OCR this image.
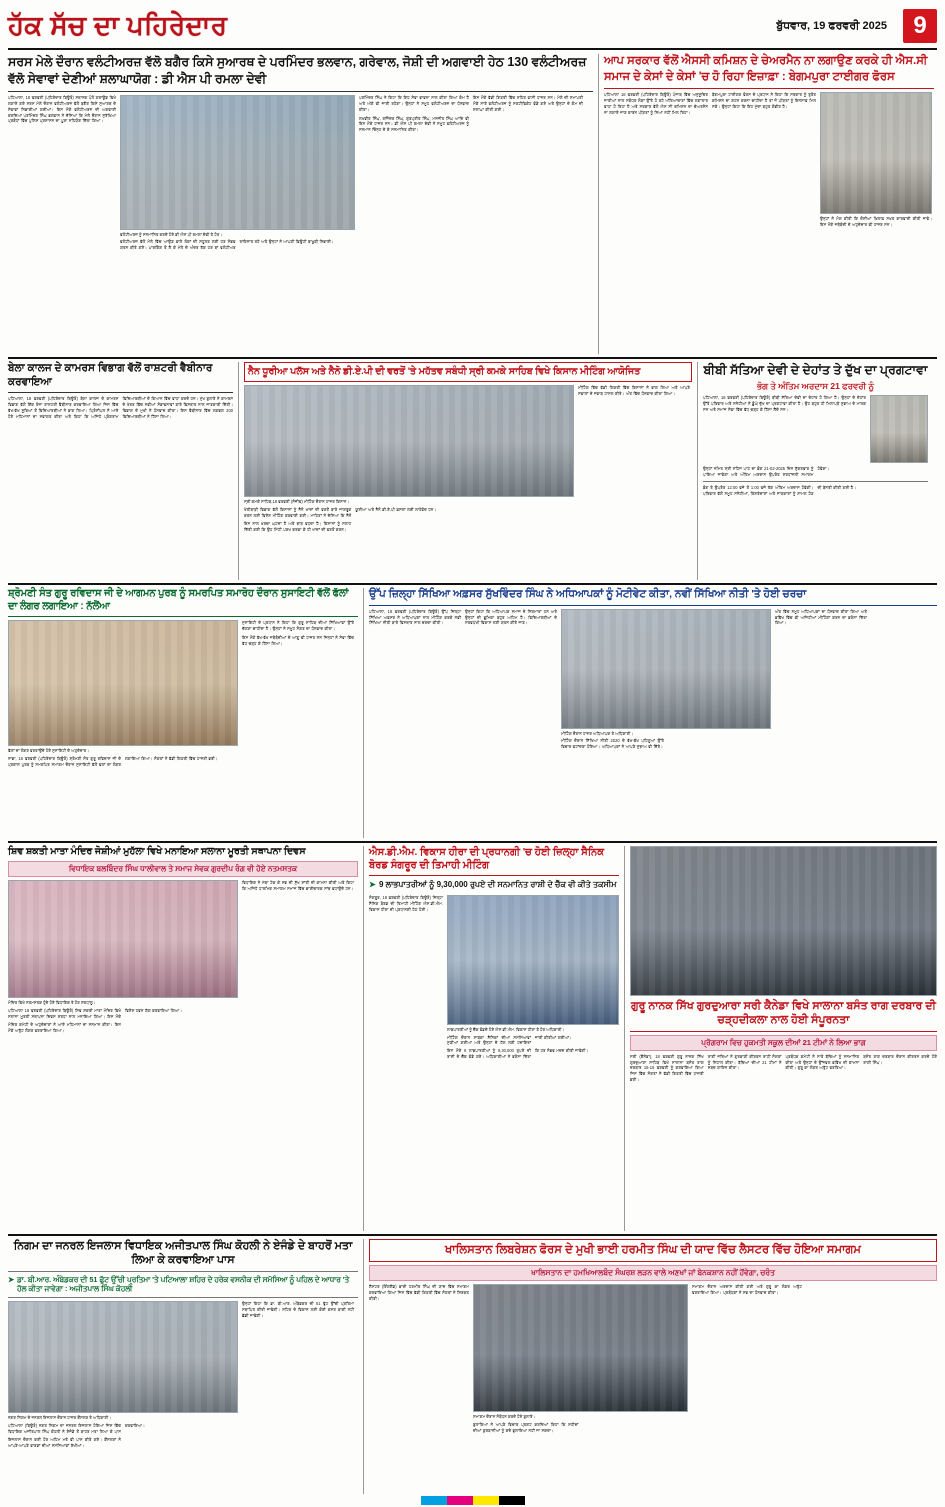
ਹੱਕ ਸੱਚ ਦਾ ਪਹਿਰੇਦਾਰ	ਬੁੱਧਵਾਰ, 19 ਫਰਵਰੀ 2025	9
ਸਰਸ ਮੇਲੇ ਦੌਰਾਨ ਵਲੰਟੀਅਰਜ਼ ਵੱਲੋ ਬਗੈਰ ਕਿਸੇ ਸੁਆਰਥ ਦੇ ਪਰਮਿੰਦਰ ਭਲਵਾਨ, ਗਰੇਵਾਲ, ਜੋਸ਼ੀ ਦੀ ਅਗਵਾਈ ਹੇਠ 130 ਵਲੰਟੀਅਰਜ਼ ਵੱਲੋ ਸੇਵਾਵਾਂ ਦੇਣੀਆਂ ਸ਼ਲਾਘਾਯੋਗ : ਡੀ ਐਸ ਪੀ ਰਮਲਾ ਦੇਵੀ
ਪਟਿਆਲਾ, 18 ਫਰਵਰੀ (ਪਹਿਰੇਦਾਰ ਬਿਊਰੋ) ਸਥਾਨਕ ਪੋਲੋ ਗਰਾਊਂਡ ਵਿਖੇ ਲਗਾਏ ਗਏ ਸਰਸ ਮੇਲੇ ਦੌਰਾਨ ਵਲੰਟੀਅਰਜ਼ ਵੱਲੋਂ ਬਗੈਰ ਕਿਸੇ ਸੁਆਰਥ ਦੇ ਸੇਵਾਵਾਂ ਨਿਭਾਈਆਂ ਗਈਆਂ। ਇਸ ਮੌਕੇ ਵਲੰਟੀਅਰਜ਼ ਦੀ ਅਗਵਾਈ ਕਰਦਿਆਂ ਪਰਮਿੰਦਰ ਸਿੰਘ ਭਲਵਾਨ ਨੇ ਦੱਸਿਆ ਕਿ ਮੇਲੇ ਦੌਰਾਨ ਸੁਰੱਖਿਆ ਪ੍ਰਬੰਧਾਂ ਵਿੱਚ ਪੁਲਿਸ ਪ੍ਰਸ਼ਾਸਨ ਦਾ ਪੂਰਾ ਸਹਿਯੋਗ ਦਿੱਤਾ ਗਿਆ।
ਵਲੰਟੀਅਰਜ਼ ਨੂੰ ਸਨਮਾਨਿਤ ਕਰਦੇ ਹੋਏ ਡੀ ਐਸ ਪੀ ਰਮਲਾ ਦੇਵੀ ਤੇ ਹੋਰ।
ਵਲੰਟੀਅਰਜ਼ ਵੱਲੋਂ ਮੇਲੇ ਵਿੱਚ ਆਉਣ ਵਾਲੇ ਲੋਕਾਂ ਦੀ ਸਹੂਲਤ ਲਈ ਹਰ ਸੰਭਵ ਯਤਨ ਕੀਤੇ ਗਏ। ਪਾਰਕਿੰਗ ਤੋਂ ਲੈ ਕੇ ਮੇਲੇ ਦੇ ਅੰਦਰ ਤੱਕ ਹਰ ਥਾਂ ਵਲੰਟੀਅਰ ਤਾਇਨਾਤ ਰਹੇ ਅਤੇ ਉਨ੍ਹਾਂ ਨੇ ਆਪਣੀ ਡਿਊਟੀ ਬਾਖੂਬੀ ਨਿਭਾਈ।
ਪਰਮਿੰਦਰ ਸਿੰਘ ਨੇ ਕਿਹਾ ਕਿ ਇਹ ਸੇਵਾ ਭਾਵਨਾ ਨਾਲ ਕੀਤਾ ਗਿਆ ਕੰਮ ਹੈ ਅਤੇ ਅੱਗੇ ਵੀ ਜਾਰੀ ਰਹੇਗਾ। ਉਨ੍ਹਾਂ ਨੇ ਸਮੂਹ ਵਲੰਟੀਅਰਜ਼ ਦਾ ਧੰਨਵਾਦ ਕੀਤਾ।
ਲਖਵੀਰ ਸਿੰਘ, ਰਜਿੰਦਰ ਸਿੰਘ, ਗੁਰਪ੍ਰੀਤ ਸਿੰਘ, ਮਨਜੀਤ ਸਿੰਘ ਆਦਿ ਵੀ ਇਸ ਮੌਕੇ ਹਾਜ਼ਰ ਸਨ। ਡੀ ਐਸ ਪੀ ਰਮਲਾ ਦੇਵੀ ਨੇ ਸਮੂਹ ਵਲੰਟੀਅਰਜ਼ ਨੂੰ ਸਨਮਾਨ ਚਿੰਨ੍ਹ ਦੇ ਕੇ ਸਨਮਾਨਿਤ ਕੀਤਾ।
ਇਸ ਮੌਕੇ ਵੱਡੀ ਗਿਣਤੀ ਵਿੱਚ ਸ਼ਹਿਰ ਵਾਸੀ ਹਾਜ਼ਰ ਸਨ। ਮੇਲੇ ਦੀ ਸਮਾਪਤੀ ਮੌਕੇ ਸਾਰੇ ਵਲੰਟੀਅਰਜ਼ ਨੂੰ ਸਰਟੀਫਿਕੇਟ ਵੰਡੇ ਗਏ ਅਤੇ ਉਨ੍ਹਾਂ ਦੇ ਕੰਮ ਦੀ ਸ਼ਲਾਘਾ ਕੀਤੀ ਗਈ।
ਆਪ ਸਰਕਾਰ ਵੱਲੋਂ ਐਸਸੀ ਕਮਿਸ਼ਨ ਦੇ ਚੇਅਰਮੈਨ ਨਾ ਲਗਾਉਣ ਕਰਕੇ ਹੀ ਐਸ.ਸੀ ਸਮਾਜ ਦੇ ਕੇਸਾਂ ਦੇ ਕੇਸਾਂ 'ਚ ਹੋ ਰਿਹਾ ਇਜ਼ਾਫ਼ਾ : ਬੇਗਮਪੁਰਾ ਟਾਈਗਰ ਫੋਰਸ
ਪਟਿਆਲਾ 18 ਫਰਵਰੀ (ਪਹਿਰੇਦਾਰ ਬਿਊਰੋ) ਪੰਜਾਬ ਵਿੱਚ ਅਨੁਸੂਚਿਤ ਜਾਤੀਆਂ ਨਾਲ ਸਬੰਧਤ ਲੋਕਾਂ ਉੱਤੇ ਹੋ ਰਹੇ ਅੱਤਿਆਚਾਰਾਂ ਵਿੱਚ ਲਗਾਤਾਰ ਵਾਧਾ ਹੋ ਰਿਹਾ ਹੈ ਅਤੇ ਸਰਕਾਰ ਵੱਲੋਂ ਐਸ ਸੀ ਕਮਿਸ਼ਨ ਦਾ ਚੇਅਰਮੈਨ ਨਾ ਲਗਾਏ ਜਾਣ ਕਾਰਨ ਪੀੜਤਾਂ ਨੂੰ ਨਿਆਂ ਨਹੀਂ ਮਿਲ ਰਿਹਾ।
ਬੇਗਮਪੁਰਾ ਟਾਈਗਰ ਫੋਰਸ ਦੇ ਪ੍ਰਧਾਨ ਨੇ ਕਿਹਾ ਕਿ ਸਰਕਾਰ ਨੂੰ ਤੁਰੰਤ ਕਮਿਸ਼ਨ ਦਾ ਗਠਨ ਕਰਨਾ ਚਾਹੀਦਾ ਹੈ ਤਾਂ ਜੋ ਪੀੜਤਾਂ ਨੂੰ ਇਨਸਾਫ਼ ਮਿਲ ਸਕੇ। ਉਨ੍ਹਾਂ ਕਿਹਾ ਕਿ ਇਹ ਮੁੱਦਾ ਬਹੁਤ ਗੰਭੀਰ ਹੈ।
ਉਨ੍ਹਾਂ ਨੇ ਮੰਗ ਕੀਤੀ ਕਿ ਦੋਸ਼ੀਆਂ ਖ਼ਿਲਾਫ਼ ਸਖ਼ਤ ਕਾਰਵਾਈ ਕੀਤੀ ਜਾਵੇ। ਇਸ ਮੌਕੇ ਜਥੇਬੰਦੀ ਦੇ ਅਹੁਦੇਦਾਰ ਵੀ ਹਾਜ਼ਰ ਸਨ।
ਬੇਲਾ ਕਾਲਜ ਦੇ ਕਾਮਰਸ ਵਿਭਾਗ ਵੱਲੋਂ ਰਾਸ਼ਟਰੀ ਵੈਬੀਨਾਰ ਕਰਵਾਇਆ
ਪਟਿਆਲਾ, 18 ਫਰਵਰੀ (ਪਹਿਰੇਦਾਰ ਬਿਊਰੋ) ਬੇਲਾ ਕਾਲਜ ਦੇ ਕਾਮਰਸ ਵਿਭਾਗ ਵੱਲੋਂ ਇੱਕ ਰੋਜ਼ਾ ਰਾਸ਼ਟਰੀ ਵੈਬੀਨਾਰ ਕਰਵਾਇਆ ਗਿਆ ਜਿਸ ਵਿੱਚ ਵੱਖ-ਵੱਖ ਸੂਬਿਆਂ ਤੋਂ ਵਿਦਿਆਰਥੀਆਂ ਨੇ ਭਾਗ ਲਿਆ। ਪ੍ਰਿੰਸੀਪਲ ਨੇ ਆਏ ਹੋਏ ਮਹਿਮਾਨਾਂ ਦਾ ਸਵਾਗਤ ਕੀਤਾ ਅਤੇ ਕਿਹਾ ਕਿ ਅਜਿਹੇ ਪ੍ਰੋਗਰਾਮ ਵਿਦਿਆਰਥੀਆਂ ਦੇ ਗਿਆਨ ਵਿੱਚ ਵਾਧਾ ਕਰਦੇ ਹਨ। ਮੁੱਖ ਬੁਲਾਰੇ ਨੇ ਕਾਮਰਸ ਦੇ ਖੇਤਰ ਵਿੱਚ ਨਵੀਆਂ ਸੰਭਾਵਨਾਵਾਂ ਬਾਰੇ ਵਿਸਥਾਰ ਨਾਲ ਜਾਣਕਾਰੀ ਦਿੱਤੀ। ਵਿਭਾਗ ਦੇ ਮੁਖੀ ਨੇ ਧੰਨਵਾਦ ਕੀਤਾ। ਇਸ ਵੈਬੀਨਾਰ ਵਿੱਚ ਲਗਭਗ 200 ਵਿਦਿਆਰਥੀਆਂ ਨੇ ਹਿੱਸਾ ਲਿਆ।
ਨੈਨ ਧੂਰੀਆ ਪਲੱਸ ਅਤੇ ਨੈਨੋ ਡੀ.ਏ.ਪੀ ਦੀ ਵਰਤੋਂ 'ਤੇ ਮਹੱਤਵ ਸਬੰਧੀ ਸ੍ਰੀ ਕਮਕੇ ਸਾਹਿਬ ਵਿਖੇ ਕਿਸਾਨ ਮੀਟਿੰਗ ਆਯੋਜਿਤ
ਸ੍ਰੀ ਕਮਕੇ ਸਾਹਿਬ,18 ਫਰਵਰੀ (ਸੰਜੀਵ) ਮੀਟਿੰਗ ਦੌਰਾਨ ਹਾਜ਼ਰ ਕਿਸਾਨ।
ਖੇਤੀਬਾੜੀ ਵਿਭਾਗ ਵੱਲੋਂ ਕਿਸਾਨਾਂ ਨੂੰ ਨੈਨੋ ਖਾਦਾਂ ਦੀ ਵਰਤੋਂ ਬਾਰੇ ਜਾਗਰੂਕ ਕਰਨ ਲਈ ਵਿਸ਼ੇਸ਼ ਮੀਟਿੰਗ ਕਰਵਾਈ ਗਈ। ਮਾਹਿਰਾਂ ਨੇ ਦੱਸਿਆ ਕਿ ਨੈਨੋ ਯੂਰੀਆ ਅਤੇ ਨੈਨੋ ਡੀ.ਏ.ਪੀ ਫ਼ਸਲਾਂ ਲਈ ਲਾਹੇਵੰਦ ਹਨ।
ਇਸ ਨਾਲ ਖ਼ਰਚਾ ਘਟਦਾ ਹੈ ਅਤੇ ਝਾੜ ਵਧਦਾ ਹੈ। ਕਿਸਾਨਾਂ ਨੂੰ ਸਲਾਹ ਦਿੱਤੀ ਗਈ ਕਿ ਉਹ ਮਿੱਟੀ ਪਰਖ ਕਰਵਾ ਕੇ ਹੀ ਖਾਦਾਂ ਦੀ ਵਰਤੋਂ ਕਰਨ।
ਮੀਟਿੰਗ ਵਿੱਚ ਵੱਡੀ ਗਿਣਤੀ ਵਿੱਚ ਕਿਸਾਨਾਂ ਨੇ ਭਾਗ ਲਿਆ ਅਤੇ ਆਪਣੇ ਸਵਾਲਾਂ ਦੇ ਜਵਾਬ ਹਾਸਲ ਕੀਤੇ। ਅੰਤ ਵਿੱਚ ਧੰਨਵਾਦ ਕੀਤਾ ਗਿਆ।
ਬੀਬੀ ਸੱਤਿਆ ਦੇਵੀ ਦੇ ਦੇਹਾਂਤ ਤੇ ਦੁੱਖ ਦਾ ਪ੍ਰਗਟਾਵਾ
ਭੋਗ ਤੇ ਅੰਤਿਮ ਅਰਦਾਸ 21 ਫਰਵਰੀ ਨੂੰ
ਪਟਿਆਲਾ, 18 ਫਰਵਰੀ (ਪਹਿਰੇਦਾਰ ਬਿਊਰੋ) ਬੀਬੀ ਸੱਤਿਆ ਦੇਵੀ ਦਾ ਦੇਹਾਂਤ ਹੋ ਗਿਆ ਹੈ। ਉਨ੍ਹਾਂ ਦੇ ਦੇਹਾਂਤ ਉੱਤੇ ਪਰਿਵਾਰ ਅਤੇ ਸਨੇਹੀਆਂ ਨੇ ਡੂੰਘੇ ਦੁੱਖ ਦਾ ਪ੍ਰਗਟਾਵਾ ਕੀਤਾ ਹੈ। ਉਹ ਬਹੁਤ ਹੀ ਮਿਲਾਪੜੇ ਸੁਭਾਅ ਦੇ ਮਾਲਕ ਸਨ ਅਤੇ ਸਮਾਜ ਸੇਵਾ ਵਿੱਚ ਵੱਧ ਚੜ੍ਹ ਕੇ ਹਿੱਸਾ ਲੈਂਦੇ ਸਨ।
ਉਨ੍ਹਾਂ ਨਮਿਤ ਸ੍ਰੀ ਸਹਿਜ ਪਾਠ ਦਾ ਭੋਗ 21-02-2025 ਦਿਨ ਸ਼ੁੱਕਰਵਾਰ ਨੂੰ ਪਾਇਆ ਜਾਵੇਗਾ ਅਤੇ ਅੰਤਿਮ ਅਰਦਾਸ ਉਪਰੰਤ ਸ਼ਰਧਾਂਜਲੀ ਸਮਾਗਮ ਹੋਵੇਗਾ।
ਭੋਗ ਤੇ ਉਪਰੰਤ 12:00 ਵਜੇ ਤੋਂ 1:00 ਵਜੇ ਤੱਕ ਅੰਤਿਮ ਅਰਦਾਸ ਹੋਵੇਗੀ। ਪਰਿਵਾਰ ਵੱਲੋਂ ਸਮੂਹ ਸਨੇਹੀਆਂ, ਰਿਸ਼ਤੇਦਾਰਾਂ ਅਤੇ ਜਾਣਕਾਰਾਂ ਨੂੰ ਸ਼ਾਮਲ ਹੋਣ ਦੀ ਬੇਨਤੀ ਕੀਤੀ ਗਈ ਹੈ।
ਸ਼੍ਰੋਮਣੀ ਸੰਤ ਗੁਰੂ ਰਵਿਦਾਸ ਜੀ ਦੇ ਆਗਮਨ ਪੁਰਬ ਨੂੰ ਸਮਰਪਿਤ ਸਮਾਰੋਹ ਦੌਰਾਨ ਸੁਸਾਇਟੀ ਵੱਲੋਂ ਫੱਲਾਂ ਦਾ ਲੰਗਰ ਲਗਾਇਆ : ਨੱਲੋਂਆ
ਫੱਲਾਂ ਦਾ ਲੰਗਰ ਵਰਤਾਉਂਦੇ ਹੋਏ ਸੁਸਾਇਟੀ ਦੇ ਅਹੁਦੇਦਾਰ।
ਨਾਭਾ, 18 ਫਰਵਰੀ (ਪਹਿਰੇਦਾਰ ਬਿਊਰੋ) ਸ਼੍ਰੋਮਣੀ ਸੰਤ ਗੁਰੂ ਰਵਿਦਾਸ ਜੀ ਦੇ ਪ੍ਰਕਾਸ਼ ਪੁਰਬ ਨੂੰ ਸਮਰਪਿਤ ਸਮਾਗਮ ਦੌਰਾਨ ਸੁਸਾਇਟੀ ਵੱਲੋਂ ਫਲਾਂ ਦਾ ਲੰਗਰ ਲਗਾਇਆ ਗਿਆ। ਸੰਗਤਾਂ ਨੇ ਵੱਡੀ ਗਿਣਤੀ ਵਿੱਚ ਹਾਜ਼ਰੀ ਭਰੀ।
ਸੁਸਾਇਟੀ ਦੇ ਪ੍ਰਧਾਨ ਨੇ ਕਿਹਾ ਕਿ ਗੁਰੂ ਸਾਹਿਬ ਦੀਆਂ ਸਿੱਖਿਆਵਾਂ ਉੱਤੇ ਚੱਲਣਾ ਚਾਹੀਦਾ ਹੈ। ਉਨ੍ਹਾਂ ਨੇ ਸਮੂਹ ਸੰਗਤ ਦਾ ਧੰਨਵਾਦ ਕੀਤਾ।
ਇਸ ਮੌਕੇ ਵੱਖ-ਵੱਖ ਜਥੇਬੰਦੀਆਂ ਦੇ ਆਗੂ ਵੀ ਹਾਜ਼ਰ ਸਨ ਜਿਨ੍ਹਾਂ ਨੇ ਸੇਵਾ ਵਿੱਚ ਵੱਧ ਚੜ੍ਹ ਕੇ ਹਿੱਸਾ ਲਿਆ।
ਉੱਪ ਜ਼ਿਲ੍ਹਾ ਸਿੱਖਿਆ ਅਫ਼ਸਰ ਸੁੱਖਵਿੰਦਰ ਸਿੰਘ ਨੇ ਅਧਿਆਪਕਾਂ ਨੂੰ ਮੋਟੀਵੇਟ ਕੀਤਾ, ਨਵੀਂ ਸਿੱਖਿਆ ਨੀਤੀ 'ਤੇ ਹੋਈ ਚਰਚਾ
ਪਟਿਆਲਾ, 18 ਫਰਵਰੀ (ਪਹਿਰੇਦਾਰ ਬਿਊਰੋ) ਉੱਪ ਜ਼ਿਲ੍ਹਾ ਸਿੱਖਿਆ ਅਫ਼ਸਰ ਨੇ ਅਧਿਆਪਕਾਂ ਨਾਲ ਮੀਟਿੰਗ ਕਰਕੇ ਨਵੀਂ ਸਿੱਖਿਆ ਨੀਤੀ ਬਾਰੇ ਵਿਸਥਾਰ ਨਾਲ ਚਰਚਾ ਕੀਤੀ।
ਉਨ੍ਹਾਂ ਕਿਹਾ ਕਿ ਅਧਿਆਪਕ ਸਮਾਜ ਦੇ ਨਿਰਮਾਤਾ ਹਨ ਅਤੇ ਉਨ੍ਹਾਂ ਦੀ ਭੂਮਿਕਾ ਬਹੁਤ ਅਹਿਮ ਹੈ। ਵਿਦਿਆਰਥੀਆਂ ਦੇ ਸਰਵਪੱਖੀ ਵਿਕਾਸ ਲਈ ਯਤਨ ਕੀਤੇ ਜਾਣ।
ਮੀਟਿੰਗ ਦੌਰਾਨ ਹਾਜ਼ਰ ਅਧਿਆਪਕ ਤੇ ਅਧਿਕਾਰੀ।
ਮੀਟਿੰਗ ਦੌਰਾਨ ਸਿੱਖਿਆ ਨੀਤੀ 2020 ਦੇ ਵੱਖ-ਵੱਖ ਪਹਿਲੂਆਂ ਉੱਤੇ ਵਿਚਾਰ ਵਟਾਂਦਰਾ ਹੋਇਆ। ਅਧਿਆਪਕਾਂ ਨੇ ਆਪਣੇ ਸੁਝਾਅ ਵੀ ਦਿੱਤੇ।
ਅੰਤ ਵਿੱਚ ਸਮੂਹ ਅਧਿਆਪਕਾਂ ਦਾ ਧੰਨਵਾਦ ਕੀਤਾ ਗਿਆ ਅਤੇ ਭਵਿੱਖ ਵਿੱਚ ਵੀ ਅਜਿਹੀਆਂ ਮੀਟਿੰਗਾਂ ਕਰਨ ਦਾ ਭਰੋਸਾ ਦਿੱਤਾ ਗਿਆ।
ਸ਼ਿਵ ਸ਼ਕਤੀ ਮਾਤਾ ਮੰਦਿਰ ਜੋਸ਼ੀਆਂ ਮੁਹੱਲਾ ਵਿਖੇ ਮਨਾਇਆ ਸਲਾਨਾ ਮੂਰਤੀ ਸਥਾਪਨਾ ਦਿਵਸ
ਵਿਧਾਇਕ ਬਲਬਿੰਦਰ ਸਿੰਘ ਧਾਲੀਵਾਲ ਤੇ ਸਮਾਜ ਸੇਵਕ ਗੁਰਦੀਪ ਰੰਗ ਵੀ ਹੋਏ ਨਤਮਸਤਕ
ਮੰਦਿਰ ਵਿਖੇ ਨਤਮਸਤਕ ਹੁੰਦੇ ਹੋਏ ਵਿਧਾਇਕ ਤੇ ਹੋਰ ਸ਼ਰਧਾਲੂ।
ਪਟਿਆਲਾ 18 ਫਰਵਰੀ (ਪਹਿਰੇਦਾਰ ਬਿਊਰੋ) ਸ਼ਿਵ ਸ਼ਕਤੀ ਮਾਤਾ ਮੰਦਿਰ ਵਿਖੇ ਸਲਾਨਾ ਮੂਰਤੀ ਸਥਾਪਨਾ ਦਿਵਸ ਸ਼ਰਧਾ ਨਾਲ ਮਨਾਇਆ ਗਿਆ। ਇਸ ਮੌਕੇ ਵਿਸ਼ੇਸ਼ ਹਵਨ ਯੱਗ ਕਰਵਾਇਆ ਗਿਆ।
ਮੰਦਿਰ ਕਮੇਟੀ ਦੇ ਅਹੁਦੇਦਾਰਾਂ ਨੇ ਆਏ ਮਹਿਮਾਨਾਂ ਦਾ ਸਨਮਾਨ ਕੀਤਾ। ਇਸ ਮੌਕੇ ਅਤੁੱਟ ਲੰਗਰ ਵਰਤਾਇਆ ਗਿਆ।
ਵਿਧਾਇਕ ਨੇ ਮੱਥਾ ਟੇਕ ਕੇ ਸਭ ਦੀ ਸੁੱਖ ਸ਼ਾਂਤੀ ਦੀ ਕਾਮਨਾ ਕੀਤੀ ਅਤੇ ਕਿਹਾ ਕਿ ਅਜਿਹੇ ਧਾਰਮਿਕ ਸਮਾਗਮ ਸਮਾਜ ਵਿੱਚ ਭਾਈਚਾਰਕ ਸਾਂਝ ਵਧਾਉਂਦੇ ਹਨ।
ਐਸ.ਡੀ.ਐਮ. ਵਿਕਾਸ ਹੀਰਾ ਦੀ ਪ੍ਰਧਾਨਗੀ 'ਚ ਹੋਈ ਜ਼ਿਲ੍ਹਾ ਸੈਨਿਕ ਬੋਰਡ ਸੰਗਰੂਰ ਦੀ ਤਿਮਾਹੀ ਮੀਟਿੰਗ
➤ 9 ਲਾਭਪਾਤਰੀਆਂ ਨੂੰ 9,30,000 ਰੁਪਏ ਦੀ ਸਨਮਾਨਿਤ ਰਾਸ਼ੀ ਦੇ ਚੈੱਕ ਵੀ ਕੀਤੇ ਤਕਸੀਮ
ਸੰਗਰੂਰ, 18 ਫਰਵਰੀ (ਪਹਿਰੇਦਾਰ ਬਿਊਰੋ) ਜ਼ਿਲ੍ਹਾ ਸੈਨਿਕ ਬੋਰਡ ਦੀ ਤਿਮਾਹੀ ਮੀਟਿੰਗ ਐਸ.ਡੀ.ਐਮ. ਵਿਕਾਸ ਹੀਰਾ ਦੀ ਪ੍ਰਧਾਨਗੀ ਹੇਠ ਹੋਈ।
ਲਾਭਪਾਤਰੀਆਂ ਨੂੰ ਚੈੱਕ ਵੰਡਦੇ ਹੋਏ ਐਸ.ਡੀ.ਐਮ. ਵਿਕਾਸ ਹੀਰਾ ਤੇ ਹੋਰ ਅਧਿਕਾਰੀ।
ਮੀਟਿੰਗ ਦੌਰਾਨ ਸਾਬਕਾ ਸੈਨਿਕਾਂ ਦੀਆਂ ਸਮੱਸਿਆਵਾਂ ਸੁਣੀਆਂ ਗਈਆਂ ਅਤੇ ਉਨ੍ਹਾਂ ਦੇ ਹੱਲ ਲਈ ਹਦਾਇਤਾਂ ਜਾਰੀ ਕੀਤੀਆਂ ਗਈਆਂ।
ਇਸ ਮੌਕੇ 9 ਲਾਭਪਾਤਰੀਆਂ ਨੂੰ 9,30,000 ਰੁਪਏ ਦੀ ਰਾਸ਼ੀ ਦੇ ਚੈੱਕ ਵੰਡੇ ਗਏ। ਅਧਿਕਾਰੀਆਂ ਨੇ ਭਰੋਸਾ ਦਿੱਤਾ ਕਿ ਹਰ ਸੰਭਵ ਮਦਦ ਕੀਤੀ ਜਾਵੇਗੀ।
ਗੁਰੂ ਨਾਨਕ ਸਿੱਖ ਗੁਰਦੁਆਰਾ ਸਰੀ ਕੈਨੇਡਾ ਵਿਖੇ ਸਾਲਾਨਾ ਬਸੰਤ ਰਾਗ ਦਰਬਾਰ ਦੀ ਚੜ੍ਹਦੀਕਲਾ ਨਾਲ ਹੋਈ ਸੰਪੂਰਨਤਾ
ਪ੍ਰੋਗਰਾਮ ਵਿਚ ਹੁਕਮਤੀ ਸਕੂਲ ਦੀਆਂ 21 ਟੀਮਾਂ ਨੇ ਲਿਆ ਭਾਗ
ਸਰੀ (ਕੈਨੇਡਾ), 18 ਫਰਵਰੀ ਗੁਰੂ ਨਾਨਕ ਸਿੱਖ ਗੁਰਦੁਆਰਾ ਸਾਹਿਬ ਵਿਖੇ ਸਾਲਾਨਾ ਬਸੰਤ ਰਾਗ ਦਰਬਾਰ 15-16 ਫਰਵਰੀ ਨੂੰ ਕਰਵਾਇਆ ਗਿਆ ਜਿਸ ਵਿੱਚ ਸੰਗਤਾਂ ਨੇ ਵੱਡੀ ਗਿਣਤੀ ਵਿੱਚ ਹਾਜ਼ਰੀ ਭਰੀ।
ਰਾਗੀ ਜਥਿਆਂ ਨੇ ਗੁਰਬਾਣੀ ਕੀਰਤਨ ਰਾਹੀਂ ਸੰਗਤਾਂ ਨੂੰ ਨਿਹਾਲ ਕੀਤਾ। ਬੱਚਿਆਂ ਦੀਆਂ 21 ਟੀਮਾਂ ਨੇ ਸ਼ਬਦ ਗਾਇਨ ਕੀਤਾ।
ਪ੍ਰਬੰਧਕ ਕਮੇਟੀ ਨੇ ਸਾਰੇ ਬੱਚਿਆਂ ਨੂੰ ਸਨਮਾਨਿਤ ਕੀਤਾ ਅਤੇ ਉਨ੍ਹਾਂ ਦੇ ਉੱਜਵਲ ਭਵਿੱਖ ਦੀ ਕਾਮਨਾ ਕੀਤੀ। ਗੁਰੂ ਕਾ ਲੰਗਰ ਅਤੁੱਟ ਵਰਤਿਆ।
ਬਸੰਤ ਰਾਗ ਦਰਬਾਰ ਦੌਰਾਨ ਕੀਰਤਨ ਕਰਦੇ ਹੋਏ ਰਾਗੀ ਸਿੰਘ।
ਨਿਗਮ ਦਾ ਜਨਰਲ ਇਜਲਾਸ ਵਿਧਾਇਕ ਅਜੀਤਪਾਲ ਸਿੰਘ ਕੋਹਲੀ ਨੇ ਏਜੰਡੇ ਦੇ ਬਾਹਰੋਂ ਮਤਾ ਲਿਆ ਕੇ ਕਰਵਾਇਆ ਪਾਸ
➤ ਡਾ. ਬੀ.ਆਰ. ਅੰਬੇਡਕਰ ਦੀ 51 ਫੁੱਟ ਉੱਚੀ ਪ੍ਰਤਿਮਾ 'ਤੇ ਪਟਿਆਲਾ ਸ਼ਹਿਰ ਦੇ ਹਰੇਕ ਵਸਨੀਕ ਦੀ ਸਮੱਸਿਆ ਨੂੰ ਪਹਿਲ ਦੇ ਆਧਾਰ 'ਤੇ ਹੱਲ ਕੀਤਾ ਜਾਵੇਗਾ : ਅਜੀਤਪਾਲ ਸਿੰਘ ਕੋਹਲੀ
ਨਗਰ ਨਿਗਮ ਦੇ ਜਨਰਲ ਇਜਲਾਸ ਦੌਰਾਨ ਹਾਜ਼ਰ ਕੌਂਸਲਰ ਤੇ ਅਧਿਕਾਰੀ।
ਪਟਿਆਲਾ (ਬਿਊਰੋ) ਨਗਰ ਨਿਗਮ ਦਾ ਜਨਰਲ ਇਜਲਾਸ ਹੋਇਆ ਜਿਸ ਵਿੱਚ ਵਿਧਾਇਕ ਅਜੀਤਪਾਲ ਸਿੰਘ ਕੋਹਲੀ ਨੇ ਏਜੰਡੇ ਤੋਂ ਬਾਹਰ ਮਤਾ ਲਿਆ ਕੇ ਪਾਸ ਕਰਵਾਇਆ।
ਇਜਲਾਸ ਦੌਰਾਨ ਕਈ ਹੋਰ ਅਹਿਮ ਮਤੇ ਵੀ ਪਾਸ ਕੀਤੇ ਗਏ। ਕੌਂਸਲਰਾਂ ਨੇ ਆਪਣੇ-ਆਪਣੇ ਵਾਰਡਾਂ ਦੀਆਂ ਸਮੱਸਿਆਵਾਂ ਰੱਖੀਆਂ।
ਉਨ੍ਹਾਂ ਕਿਹਾ ਕਿ ਡਾ. ਬੀ.ਆਰ. ਅੰਬੇਡਕਰ ਦੀ 51 ਫੁੱਟ ਉੱਚੀ ਪ੍ਰਤਿਮਾ ਸਥਾਪਿਤ ਕੀਤੀ ਜਾਵੇਗੀ। ਸ਼ਹਿਰ ਦੇ ਵਿਕਾਸ ਲਈ ਕੋਈ ਕਸਰ ਬਾਕੀ ਨਹੀਂ ਛੱਡੀ ਜਾਵੇਗੀ।
ਖਾਲਿਸਤਾਨ ਲਿਬਰੇਸ਼ਨ ਫੋਰਸ ਦੇ ਮੁਖੀ ਭਾਈ ਹਰਮੀਤ ਸਿੰਘ ਦੀ ਯਾਦ ਵਿੱਚ ਲੈਸਟਰ ਵਿੱਚ ਹੋਇਆ ਸਮਾਗਮ
ਖਾਲਿਸਤਾਨ ਦਾ ਹਮਖਿਆਲਬੰਦ ਸੰਘਰਸ਼ ਲੜਨ ਵਾਲੇ ਅਣਖਾਂ ਜਾਂ ਬੇਨਕਸ਼ਾਨ ਨਹੀਂ ਹੋਂਵੇਗਾ, ਚਰੰਤ
ਲੈਸਟਰ (ਇੰਗਲੈਂਡ) ਭਾਈ ਹਰਮੀਤ ਸਿੰਘ ਦੀ ਯਾਦ ਵਿੱਚ ਸਮਾਗਮ ਕਰਵਾਇਆ ਗਿਆ ਜਿਸ ਵਿੱਚ ਵੱਡੀ ਗਿਣਤੀ ਵਿੱਚ ਸੰਗਤਾਂ ਨੇ ਸ਼ਿਰਕਤ ਕੀਤੀ।
ਸਮਾਗਮ ਦੌਰਾਨ ਸੰਬੋਧਨ ਕਰਦੇ ਹੋਏ ਬੁਲਾਰੇ।
ਬੁਲਾਰਿਆਂ ਨੇ ਆਪਣੇ ਵਿਚਾਰ ਪ੍ਰਗਟ ਕਰਦਿਆਂ ਕਿਹਾ ਕਿ ਸ਼ਹੀਦਾਂ ਦੀਆਂ ਕੁਰਬਾਨੀਆਂ ਨੂੰ ਕਦੇ ਭੁਲਾਇਆ ਨਹੀਂ ਜਾ ਸਕਦਾ।
ਸਮਾਗਮ ਦੌਰਾਨ ਅਰਦਾਸ ਕੀਤੀ ਗਈ ਅਤੇ ਗੁਰੂ ਕਾ ਲੰਗਰ ਅਤੁੱਟ ਵਰਤਾਇਆ ਗਿਆ। ਪ੍ਰਬੰਧਕਾਂ ਨੇ ਸਭ ਦਾ ਧੰਨਵਾਦ ਕੀਤਾ।
